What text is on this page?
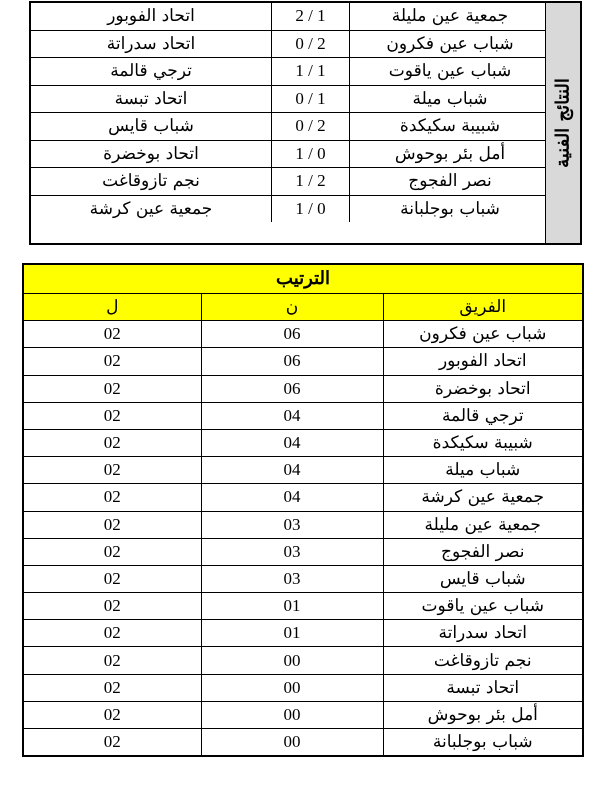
اتحاد الفوبور	2 / 1	جمعية عين مليلة
اتحاد سدراتة	0 / 2	شباب عين فكرون
ترجي قالمة	1 / 1	شباب عين ياقوت
اتحاد تبسة	0 / 1	شباب ميلة
شباب قايس	0 / 2	شبيبة سكيكدة
اتحاد بوخضرة	1 / 0	أمل بئر بوحوش
نجم تازوقاغت	1 / 2	نصر الفجوج
جمعية عين كرشة	1 / 0	شباب بوجلبانة
النتائج الفنية
الترتيب		
ل	ن	الفريق
02	06	شباب عين فكرون
02	06	اتحاد الفوبور
02	06	اتحاد بوخضرة
02	04	ترجي قالمة
02	04	شبيبة سكيكدة
02	04	شباب ميلة
02	04	جمعية عين كرشة
02	03	جمعية عين مليلة
02	03	نصر الفجوج
02	03	شباب قايس
02	01	شباب عين ياقوت
02	01	اتحاد سدراتة
02	00	نجم تازوقاغت
02	00	اتحاد تبسة
02	00	أمل بئر بوحوش
02	00	شباب بوجلبانة
